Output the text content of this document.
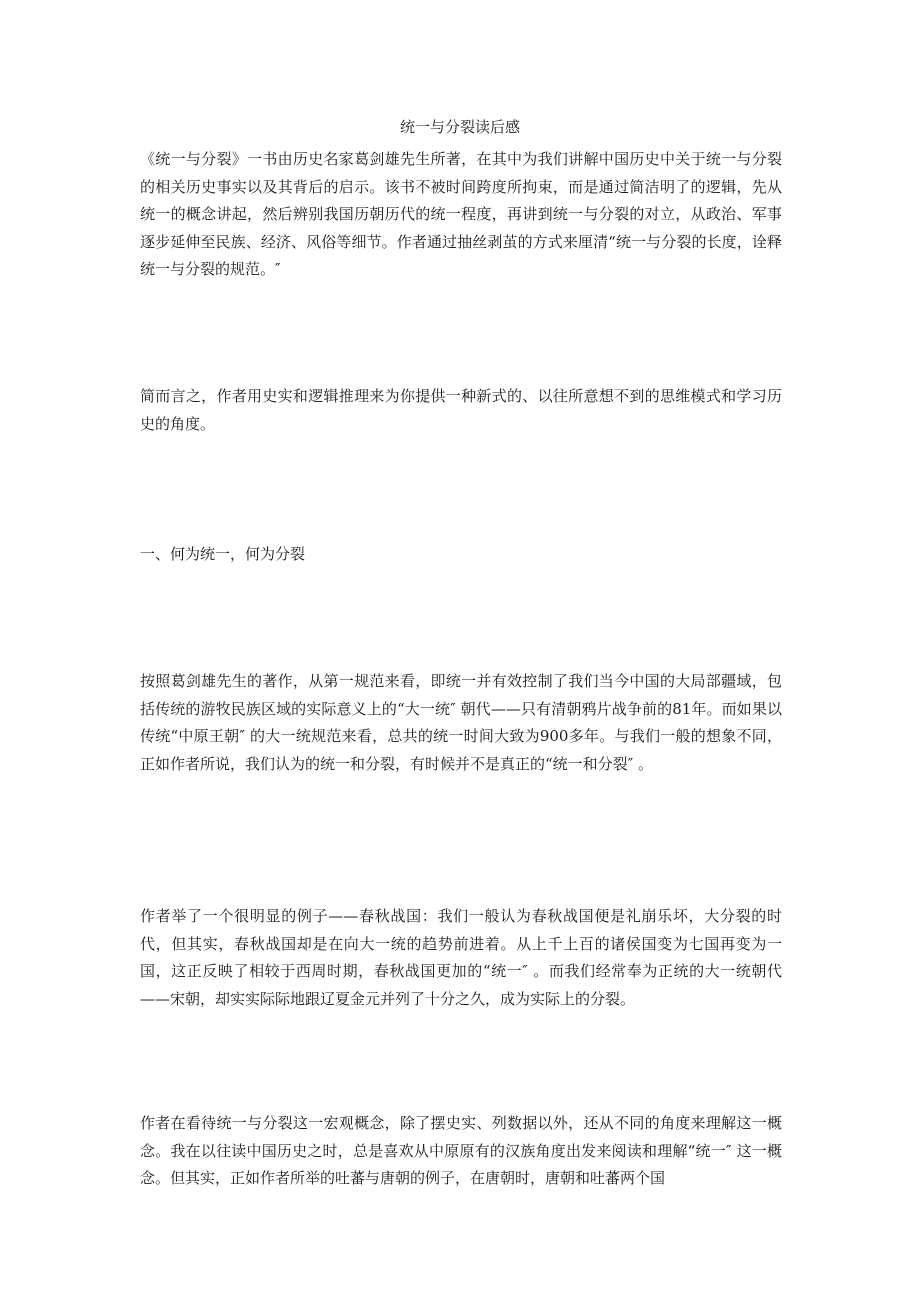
统一与分裂读后感

《统一与分裂》一书由历史名家葛剑雄先生所著，在其中为我们讲解中国历史中关于统一与分裂的相关历史事实以及其背后的启示。该书不被时间跨度所拘束，而是通过简洁明了的逻辑，先从统一的概念讲起，然后辨别我国历朝历代的统一程度，再讲到统一与分裂的对立，从政治、军事逐步延伸至民族、经济、风俗等细节。作者通过抽丝剥茧的方式来厘清“统一与分裂的长度，诠释统一与分裂的规范。″

简而言之，作者用史实和逻辑推理来为你提供一种新式的、以往所意想不到的思维模式和学习历史的角度。

一、何为统一，何为分裂

按照葛剑雄先生的著作，从第一规范来看，即统一并有效控制了我们当今中国的大局部疆域，包括传统的游牧民族区域的实际意义上的“大一统″ 朝代——只有清朝鸦片战争前的81年。而如果以传统“中原王朝″ 的大一统规范来看，总共的统一时间大致为900多年。与我们一般的想象不同，正如作者所说，我们认为的统一和分裂，有时候并不是真正的“统一和分裂″ 。

作者举了一个很明显的例子——春秋战国：我们一般认为春秋战国便是礼崩乐坏，大分裂的时代，但其实，春秋战国却是在向大一统的趋势前进着。从上千上百的诸侯国变为七国再变为一国，这正反映了相较于西周时期，春秋战国更加的“统一″ 。而我们经常奉为正统的大一统朝代——宋朝，却实实际际地跟辽夏金元并列了十分之久，成为实际上的分裂。

作者在看待统一与分裂这一宏观概念，除了摆史实、列数据以外，还从不同的角度来理解这一概念。我在以往读中国历史之时，总是喜欢从中原原有的汉族角度出发来阅读和理解“统一″ 这一概念。但其实，正如作者所举的吐蕃与唐朝的例子，在唐朝时，唐朝和吐蕃两个国
